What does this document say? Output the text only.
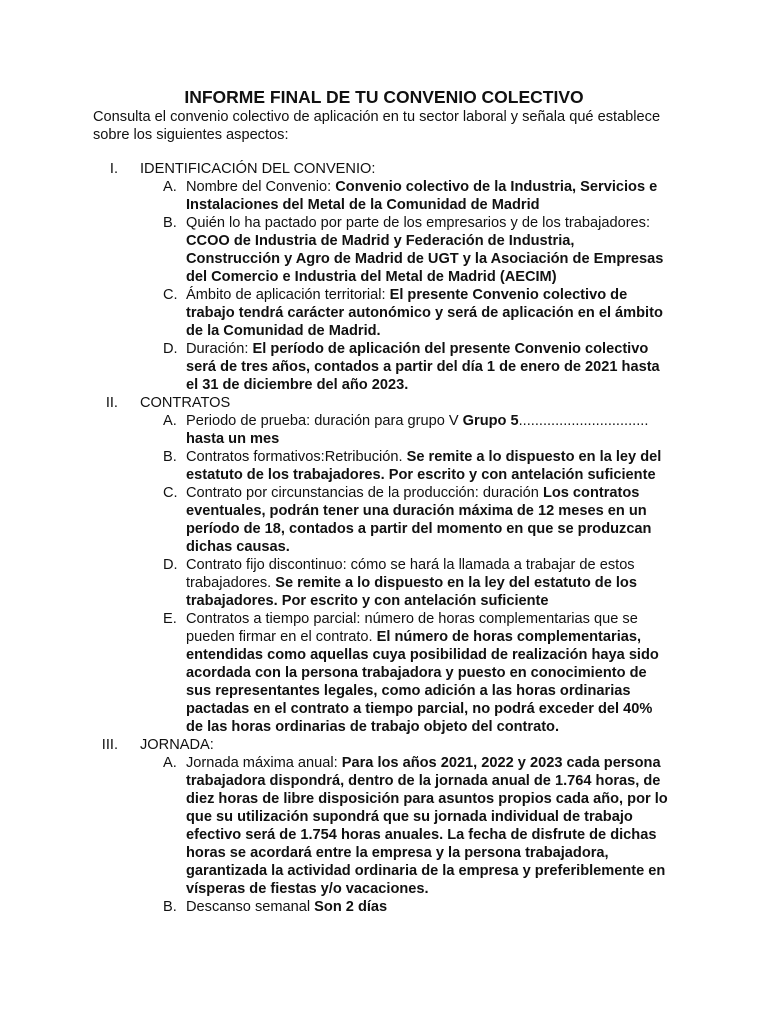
INFORME FINAL DE TU CONVENIO COLECTIVO
Consulta el convenio colectivo de aplicación en tu sector laboral y señala qué establece sobre los siguientes aspectos:
I. IDENTIFICACIÓN DEL CONVENIO:
A. Nombre del Convenio: Convenio colectivo de la Industria, Servicios e Instalaciones del Metal de la Comunidad de Madrid
B. Quién lo ha pactado por parte de los empresarios y de los trabajadores: CCOO de Industria de Madrid y Federación de Industria, Construcción y Agro de Madrid de UGT y la Asociación de Empresas del Comercio e Industria del Metal de Madrid (AECIM)
C. Ámbito de aplicación territorial: El presente Convenio colectivo de trabajo tendrá carácter autonómico y será de aplicación en el ámbito de la Comunidad de Madrid.
D. Duración: El período de aplicación del presente Convenio colectivo será de tres años, contados a partir del día 1 de enero de 2021 hasta el 31 de diciembre del año 2023.
II. CONTRATOS
A. Periodo de prueba: duración para grupo V Grupo 5................................ hasta un mes
B. Contratos formativos:Retribución. Se remite a lo dispuesto en la ley del estatuto de los trabajadores. Por escrito y con antelación suficiente
C. Contrato por circunstancias de la producción: duración Los contratos eventuales, podrán tener una duración máxima de 12 meses en un período de 18, contados a partir del momento en que se produzcan dichas causas.
D. Contrato fijo discontinuo: cómo se hará la llamada a trabajar de estos trabajadores. Se remite a lo dispuesto en la ley del estatuto de los trabajadores. Por escrito y con antelación suficiente
E. Contratos a tiempo parcial: número de horas complementarias que se pueden firmar en el contrato. El número de horas complementarias, entendidas como aquellas cuya posibilidad de realización haya sido acordada con la persona trabajadora y puesto en conocimiento de sus representantes legales, como adición a las horas ordinarias pactadas en el contrato a tiempo parcial, no podrá exceder del 40% de las horas ordinarias de trabajo objeto del contrato.
III. JORNADA:
A. Jornada máxima anual: Para los años 2021, 2022 y 2023 cada persona trabajadora dispondrá, dentro de la jornada anual de 1.764 horas, de diez horas de libre disposición para asuntos propios cada año, por lo que su utilización supondrá que su jornada individual de trabajo efectivo será de 1.754 horas anuales. La fecha de disfrute de dichas horas se acordará entre la empresa y la persona trabajadora, garantizada la actividad ordinaria de la empresa y preferiblemente en vísperas de fiestas y/o vacaciones.
B. Descanso semanal Son 2 días
